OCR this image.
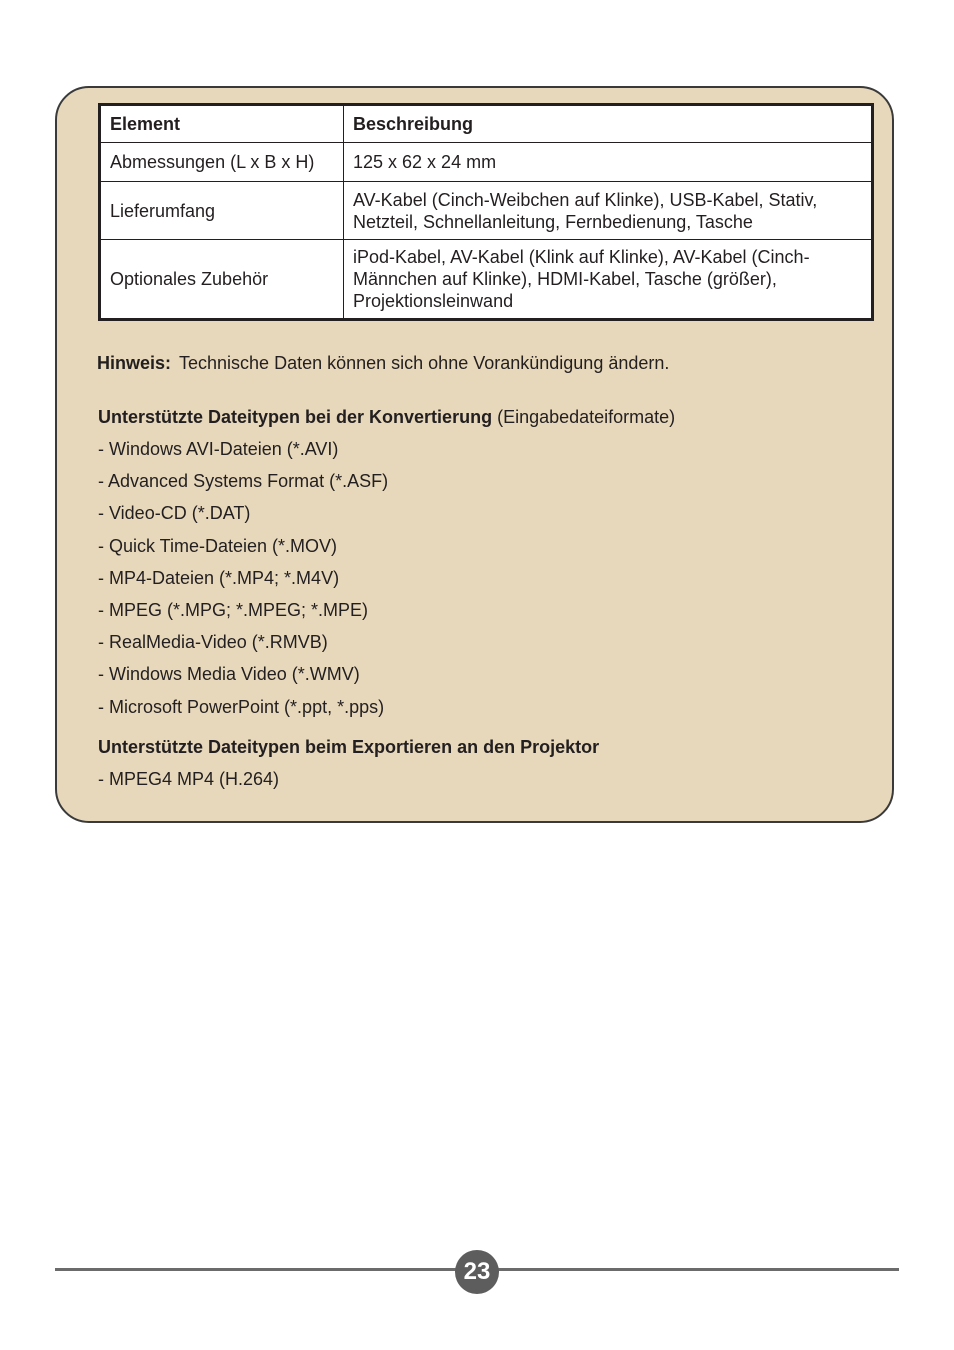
Element	Beschreibung
Abmessungen (L x B x H)	125 x 62 x 24 mm
Lieferumfang	AV-Kabel (Cinch-Weibchen auf Klinke), USB-Kabel, Stativ,
Netzteil, Schnellanleitung, Fernbedienung, Tasche
Optionales Zubehör	iPod-Kabel, AV-Kabel (Klink auf Klinke), AV-Kabel (Cinch-
Männchen auf Klinke), HDMI-Kabel, Tasche (größer),
Projektionsleinwand

Hinweis: Technische Daten können sich ohne Vorankündigung ändern.

Unterstützte Dateitypen bei der Konvertierung (Eingabedateiformate)

- Windows AVI-Dateien (*.AVI)
- Advanced Systems Format (*.ASF)
- Video-CD (*.DAT)
- Quick Time-Dateien (*.MOV)
- MP4-Dateien (*.MP4; *.M4V)
- MPEG (*.MPG; *.MPEG; *.MPE)
- RealMedia-Video (*.RMVB)
- Windows Media Video (*.WMV)
- Microsoft PowerPoint (*.ppt, *.pps)

Unterstützte Dateitypen beim Exportieren an den Projektor

- MPEG4 MP4 (H.264)
23
